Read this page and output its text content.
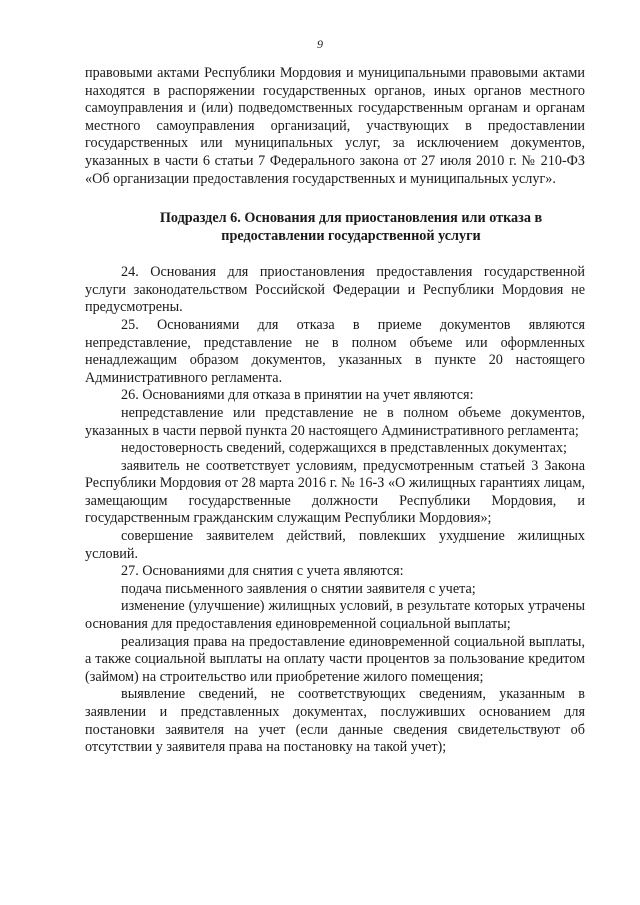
9

правовыми актами Республики Мордовия и муниципальными правовыми актами находятся в распоряжении государственных органов, иных органов местного самоуправления и (или) подведомственных государственным органам и органам местного самоуправления организаций, участвующих в предоставлении государственных или муниципальных услуг, за исключением документов, указанных в части 6 статьи 7 Федерального закона от 27 июля 2010 г. № 210-ФЗ «Об организации предоставления государственных и муниципальных услуг».

Подраздел 6. Основания для приостановления или отказа в предоставлении государственной услуги

24. Основания для приостановления предоставления государственной услуги законодательством Российской Федерации и Республики Мордовия не предусмотрены.

25. Основаниями для отказа в приеме документов являются непредставление, представление не в полном объеме или оформленных ненадлежащим образом документов, указанных в пункте 20 настоящего Административного регламента.

26. Основаниями для отказа в принятии на учет являются:

непредставление или представление не в полном объеме документов, указанных в части первой пункта 20 настоящего Административного регламента;

недостоверность сведений, содержащихся в представленных документах;

заявитель не соответствует условиям, предусмотренным статьей 3 Закона Республики Мордовия от 28 марта 2016 г. № 16-З «О жилищных гарантиях лицам, замещающим государственные должности Республики Мордовия, и государственным гражданским служащим Республики Мордовия»;

совершение заявителем действий, повлекших ухудшение жилищных условий.

27. Основаниями для снятия с учета являются:

подача письменного заявления о снятии заявителя с учета;

изменение (улучшение) жилищных условий, в результате которых утрачены основания для предоставления единовременной социальной выплаты;

реализация права на предоставление единовременной социальной выплаты, а также социальной выплаты на оплату части процентов за пользование кредитом (займом) на строительство или приобретение жилого помещения;

выявление сведений, не соответствующих сведениям, указанным в заявлении и представленных документах, послуживших основанием для постановки заявителя на учет (если данные сведения свидетельствуют об отсутствии у заявителя права на постановку на такой учет);
